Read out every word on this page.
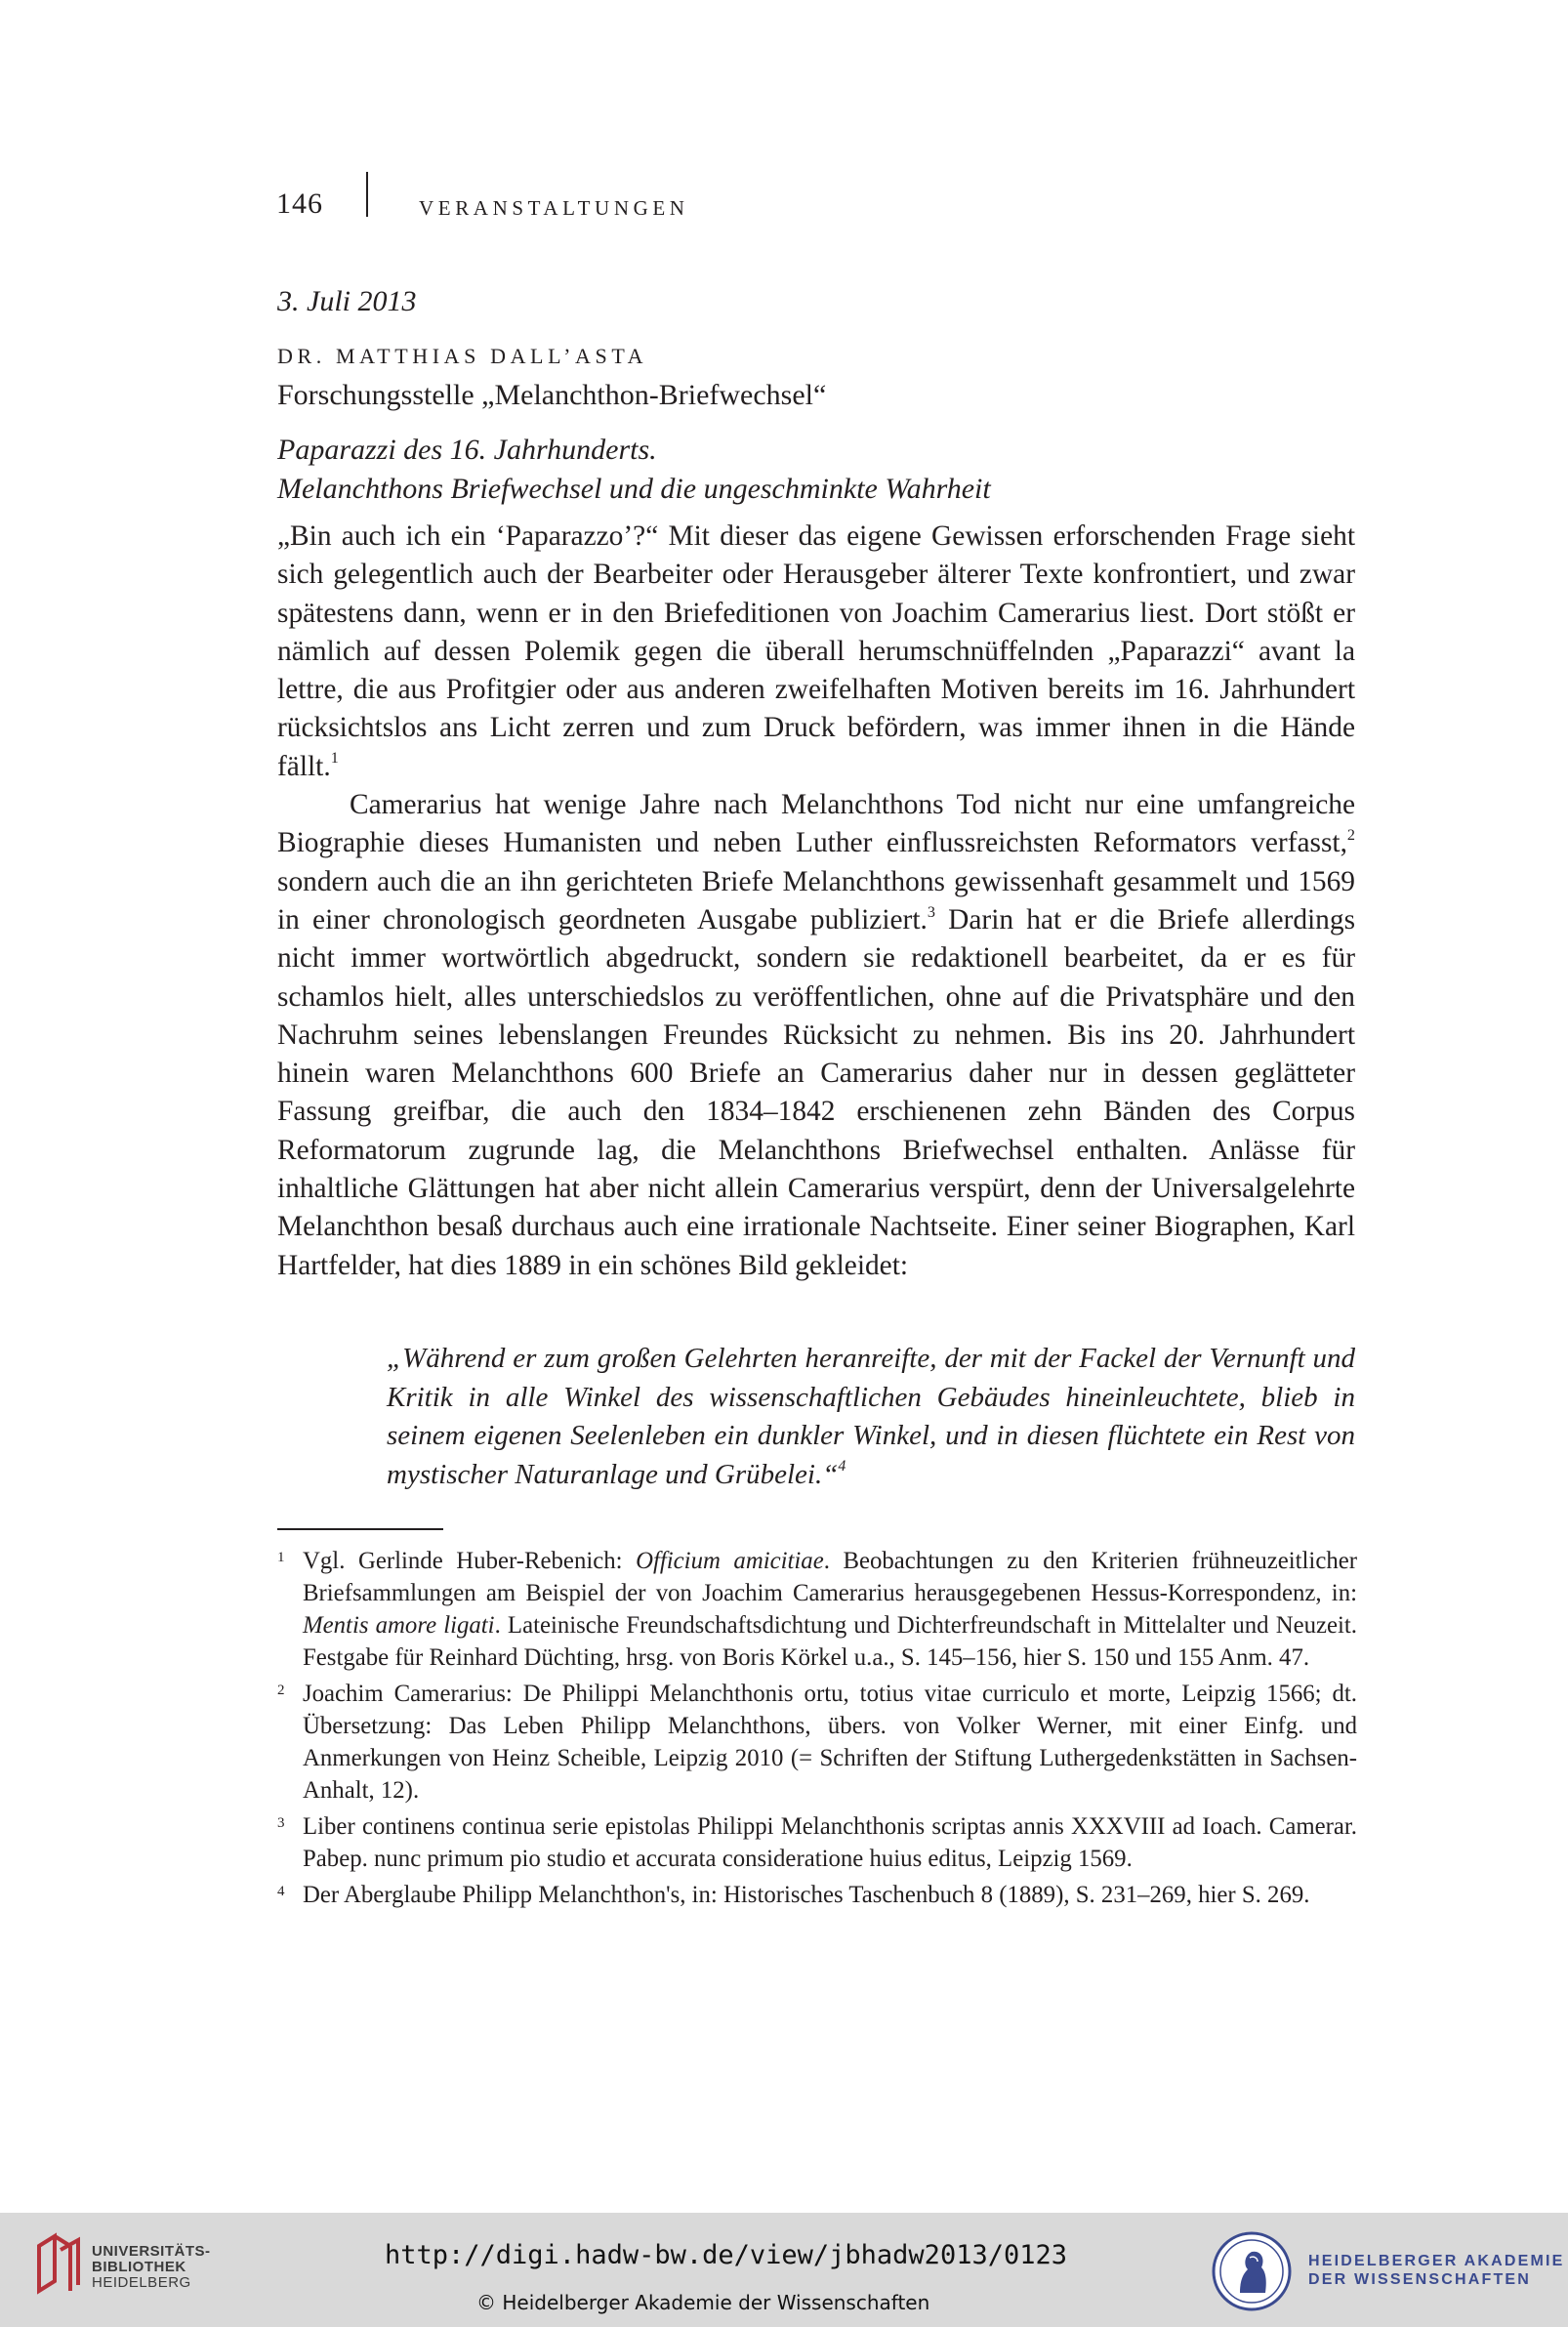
146	VERANSTALTUNGEN
3. Juli 2013
DR. MATTHIAS DALL’ASTA
Forschungsstelle „Melanchthon-Briefwechsel“
Paparazzi des 16. Jahrhunderts.
Melanchthons Briefwechsel und die ungeschminkte Wahrheit

„Bin auch ich ein ‘Paparazzo’?“ Mit dieser das eigene Gewissen erforschenden Frage sieht sich gelegentlich auch der Bearbeiter oder Herausgeber älterer Texte konfrontiert, und zwar spätestens dann, wenn er in den Briefeditionen von Joachim Camerarius liest. Dort stößt er nämlich auf dessen Polemik gegen die überall herumschnüffelnden „Paparazzi“ avant la lettre, die aus Profitgier oder aus anderen zweifelhaften Motiven bereits im 16. Jahrhundert rücksichtslos ans Licht zerren und zum Druck befördern, was immer ihnen in die Hände fällt.$^1$

Camerarius hat wenige Jahre nach Melanchthons Tod nicht nur eine umfangreiche Biographie dieses Humanisten und neben Luther einflussreichsten Reformators verfasst,$^2$ sondern auch die an ihn gerichteten Briefe Melanchthons gewissenhaft gesammelt und 1569 in einer chronologisch geordneten Ausgabe publiziert.$^3$ Darin hat er die Briefe allerdings nicht immer wortwörtlich abgedruckt, sondern sie redaktionell bearbeitet, da er es für schamlos hielt, alles unterschiedslos zu veröffentlichen, ohne auf die Privatsphäre und den Nachruhm seines lebenslangen Freundes Rücksicht zu nehmen. Bis ins 20. Jahrhundert hinein waren Melanchthons 600 Briefe an Camerarius daher nur in dessen geglätteter Fassung greifbar, die auch den 1834–1842 erschienenen zehn Bänden des Corpus Reformatorum zugrunde lag, die Melanchthons Briefwechsel enthalten. Anlässe für inhaltliche Glättungen hat aber nicht allein Camerarius verspürt, denn der Universalgelehrte Melanchthon besaß durchaus auch eine irrationale Nachtseite. Einer seiner Biographen, Karl Hartfelder, hat dies 1889 in ein schönes Bild gekleidet:

„Während er zum großen Gelehrten heranreifte, der mit der Fackel der Vernunft und Kritik in alle Winkel des wissenschaftlichen Gebäudes hineinleuchtete, blieb in seinem eigenen Seelenleben ein dunkler Winkel, und in diesen flüchtete ein Rest von mystischer Naturanlage und Grübelei.“$^4$
1 Vgl. Gerlinde Huber-Rebenich: Officium amicitiae. Beobachtungen zu den Kriterien frühneuzeitlicher Briefsammlungen am Beispiel der von Joachim Camerarius herausgegebenen Hessus-Korrespondenz, in: Mentis amore ligati. Lateinische Freundschaftsdichtung und Dichterfreundschaft in Mittelalter und Neuzeit. Festgabe für Reinhard Düchting, hrsg. von Boris Körkel u.a., S. 145–156, hier S. 150 und 155 Anm. 47.
2 Joachim Camerarius: De Philippi Melanchthonis ortu, totius vitae curriculo et morte, Leipzig 1566; dt. Übersetzung: Das Leben Philipp Melanchthons, übers. von Volker Werner, mit einer Einfg. und Anmerkungen von Heinz Scheible, Leipzig 2010 (= Schriften der Stiftung Luthergedenkstätten in Sachsen-Anhalt, 12).
3 Liber continens continua serie epistolas Philippi Melanchthonis scriptas annis XXXVIII ad Ioach. Camerar. Pabep. nunc primum pio studio et accurata consideratione huius editus, Leipzig 1569.
4 Der Aberglaube Philipp Melanchthon's, in: Historisches Taschenbuch 8 (1889), S. 231–269, hier S. 269.
UNIVERSITÄTS-
BIBLIOTHEK
HEIDELBERG
http://digi.hadw-bw.de/view/jbhadw2013/0123
© Heidelberger Akademie der Wissenschaften
HEIDELBERGER AKADEMIE
DER WISSENSCHAFTEN
